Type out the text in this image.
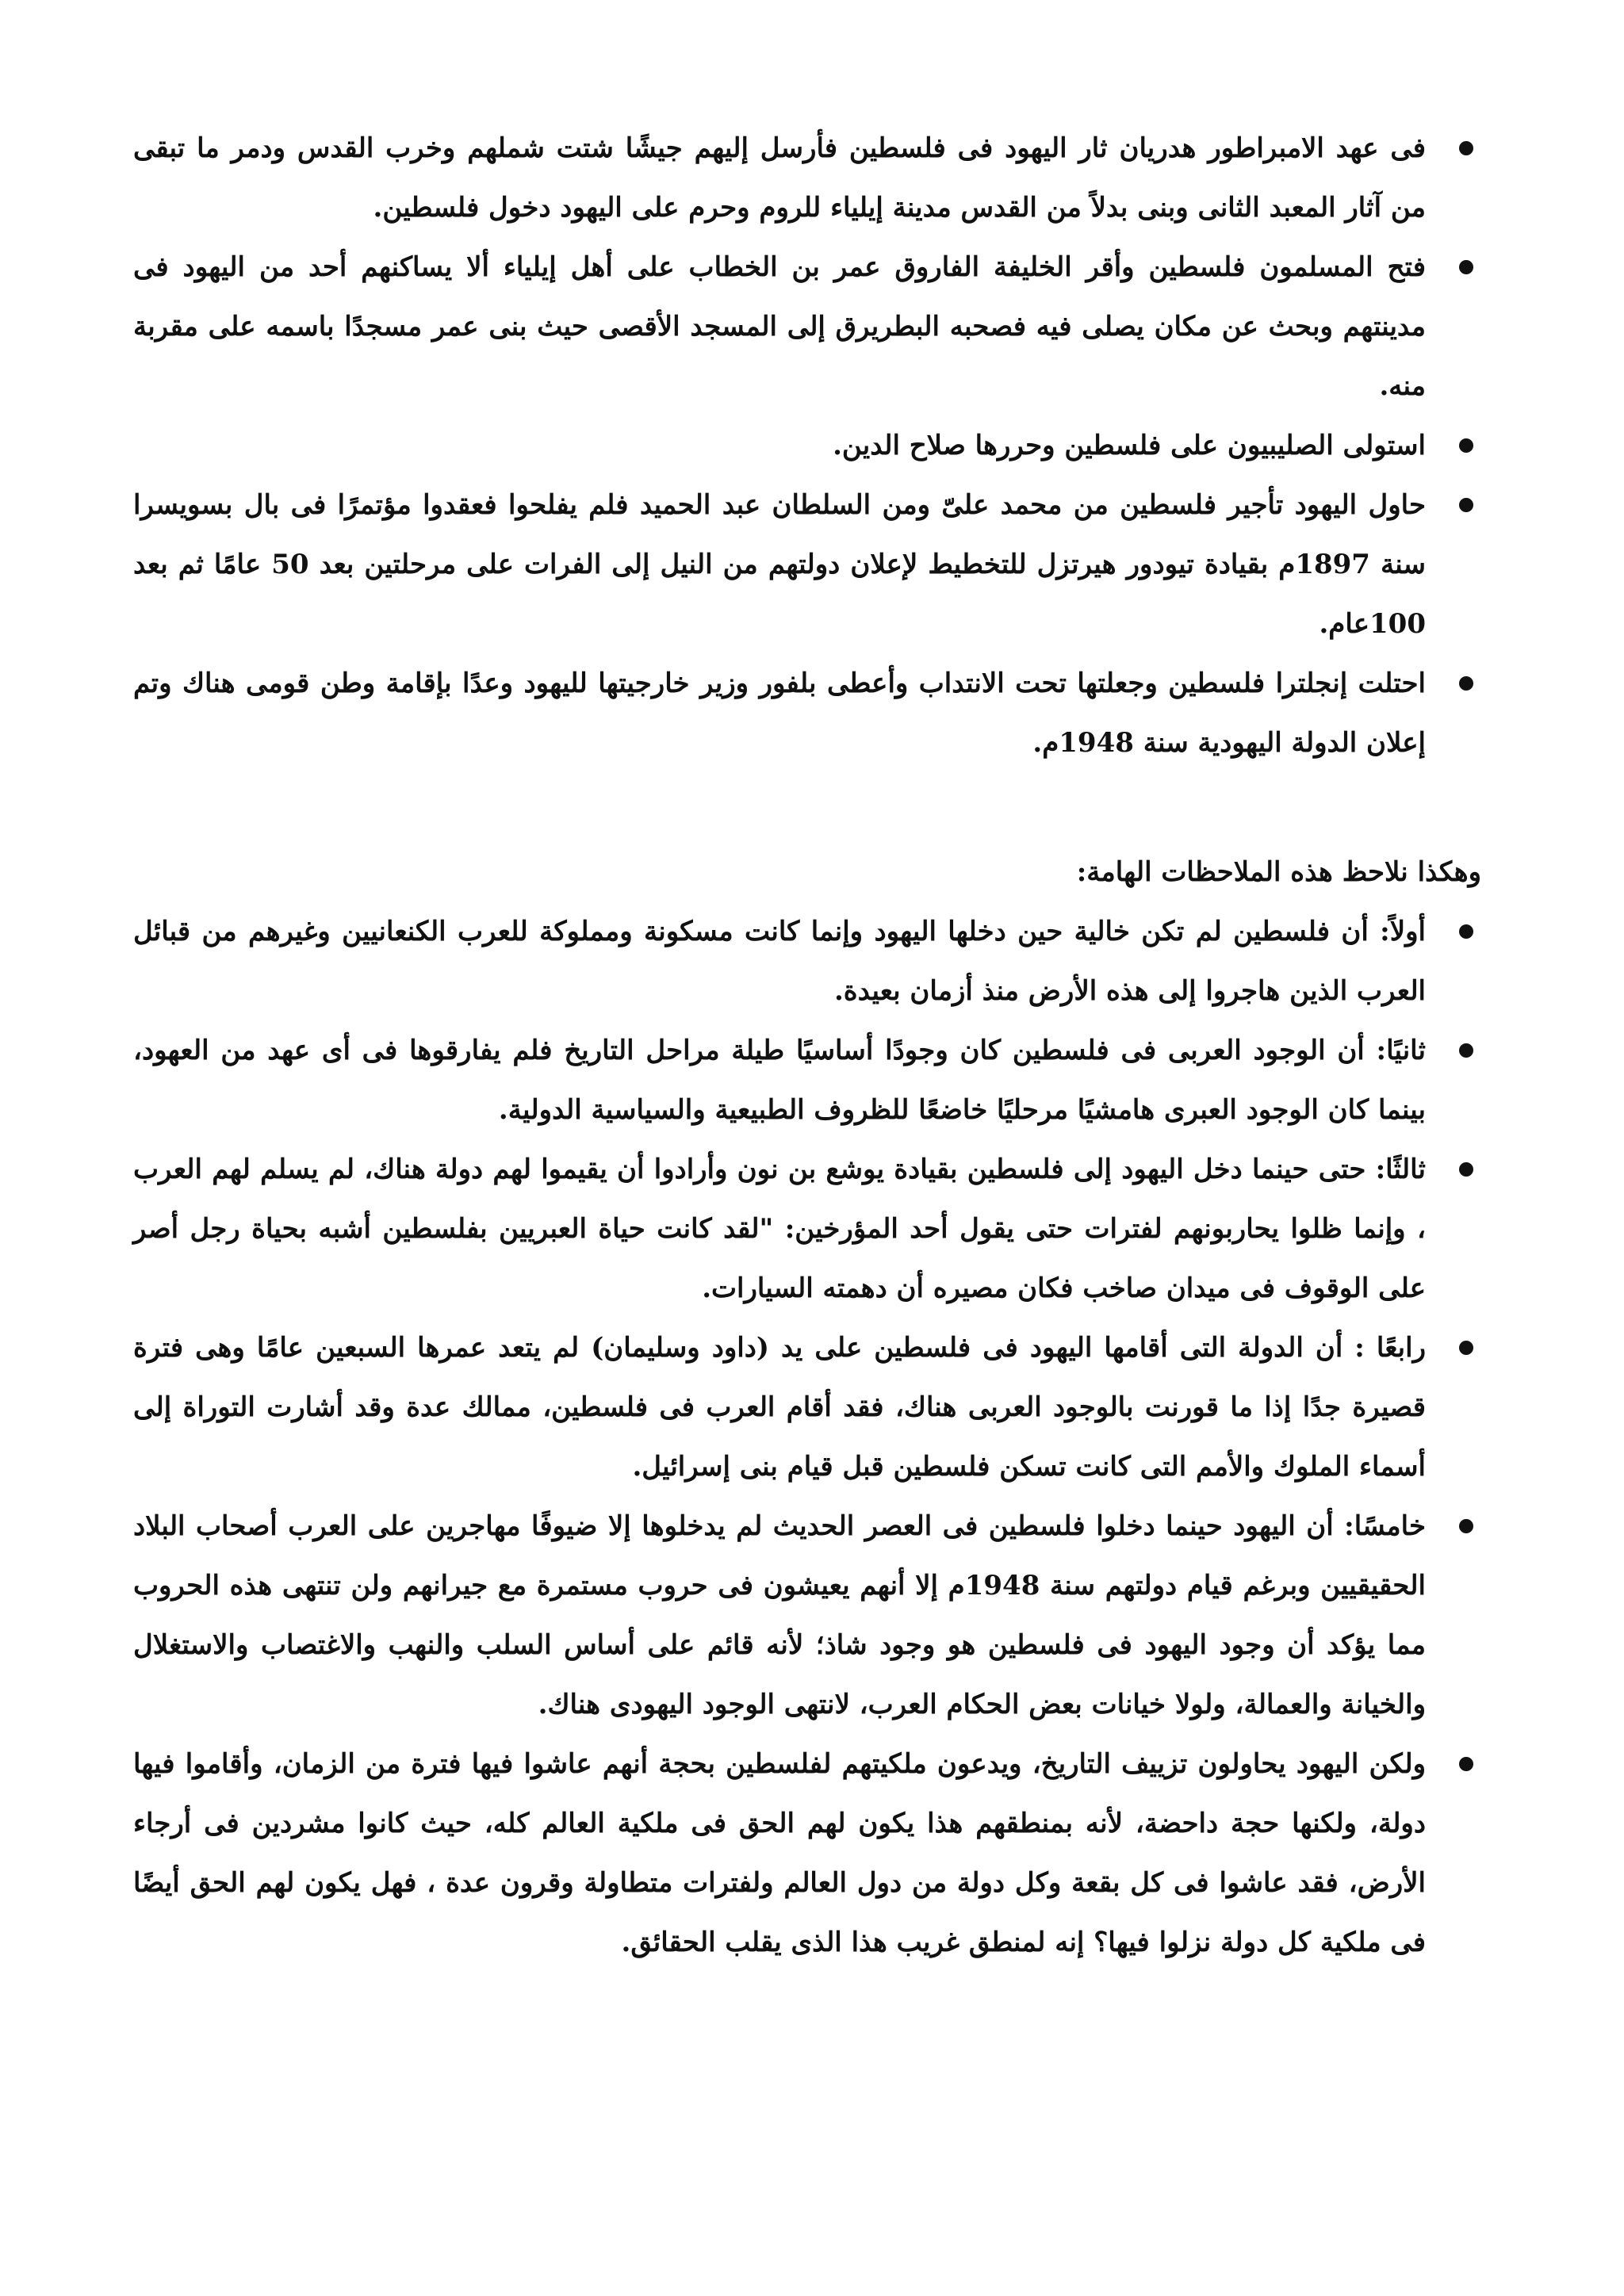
فى عهد الامبراطور هدريان ثار اليهود فى فلسطين فأرسل إليهم جيشًا شتت شملهم وخرب القدس ودمر ما تبقى من آثار المعبد الثانى وبنى بدلاً من القدس مدينة إيلياء للروم وحرم على اليهود دخول فلسطين.
فتح المسلمون فلسطين وأقر الخليفة الفاروق عمر بن الخطاب على أهل إيلياء ألا يساكنهم أحد من اليهود فى مدينتهم وبحث عن مكان يصلى فيه فصحبه البطريرق إلى المسجد الأقصى حيث بنى عمر مسجدًا باسمه على مقربة منه.
استولى الصليبيون على فلسطين وحررها صلاح الدين.
حاول اليهود تأجير فلسطين من محمد علىّ ومن السلطان عبد الحميد فلم يفلحوا فعقدوا مؤتمرًا فى بال بسويسرا سنة 1897م بقيادة تيودور هيرتزل للتخطيط لإعلان دولتهم من النيل إلى الفرات على مرحلتين بعد 50 عامًا ثم بعد 100عام.
احتلت إنجلترا فلسطين وجعلتها تحت الانتداب وأعطى بلفور وزير خارجيتها لليهود وعدًا بإقامة وطن قومى هناك وتم إعلان الدولة اليهودية سنة 1948م.

وهكذا نلاحظ هذه الملاحظات الهامة:

أولاً: أن فلسطين لم تكن خالية حين دخلها اليهود وإنما كانت مسكونة ومملوكة للعرب الكنعانيين وغيرهم من قبائل العرب الذين هاجروا إلى هذه الأرض منذ أزمان بعيدة.
ثانيًا: أن الوجود العربى فى فلسطين كان وجودًا أساسيًا طيلة مراحل التاريخ فلم يفارقوها فى أى عهد من العهود، بينما كان الوجود العبرى هامشيًا مرحليًا خاضعًا للظروف الطبيعية والسياسية الدولية.
ثالثًا: حتى حينما دخل اليهود إلى فلسطين بقيادة يوشع بن نون وأرادوا أن يقيموا لهم دولة هناك، لم يسلم لهم العرب ، وإنما ظلوا يحاربونهم لفترات حتى يقول أحد المؤرخين: "لقد كانت حياة العبريين بفلسطين أشبه بحياة رجل أصر على الوقوف فى ميدان صاخب فكان مصيره أن دهمته السيارات.
رابعًا : أن الدولة التى أقامها اليهود فى فلسطين على يد (داود وسليمان) لم يتعد عمرها السبعين عامًا وهى فترة قصيرة جدًا إذا ما قورنت بالوجود العربى هناك، فقد أقام العرب فى فلسطين، ممالك عدة وقد أشارت التوراة إلى أسماء الملوك والأمم التى كانت تسكن فلسطين قبل قيام بنى إسرائيل.
خامسًا: أن اليهود حينما دخلوا فلسطين فى العصر الحديث لم يدخلوها إلا ضيوفًا مهاجرين على العرب أصحاب البلاد الحقيقيين وبرغم قيام دولتهم سنة 1948م إلا أنهم يعيشون فى حروب مستمرة مع جيرانهم ولن تنتهى هذه الحروب مما يؤكد أن وجود اليهود فى فلسطين هو وجود شاذ؛ لأنه قائم على أساس السلب والنهب والاغتصاب والاستغلال والخيانة والعمالة، ولولا خيانات بعض الحكام العرب، لانتهى الوجود اليهودى هناك.
ولكن اليهود يحاولون تزييف التاريخ، ويدعون ملكيتهم لفلسطين بحجة أنهم عاشوا فيها فترة من الزمان، وأقاموا فيها دولة، ولكنها حجة داحضة، لأنه بمنطقهم هذا يكون لهم الحق فى ملكية العالم كله، حيث كانوا مشردين فى أرجاء الأرض، فقد عاشوا فى كل بقعة وكل دولة من دول العالم ولفترات متطاولة وقرون عدة ، فهل يكون لهم الحق أيضًا فى ملكية كل دولة نزلوا فيها؟ إنه لمنطق غريب هذا الذى يقلب الحقائق.
